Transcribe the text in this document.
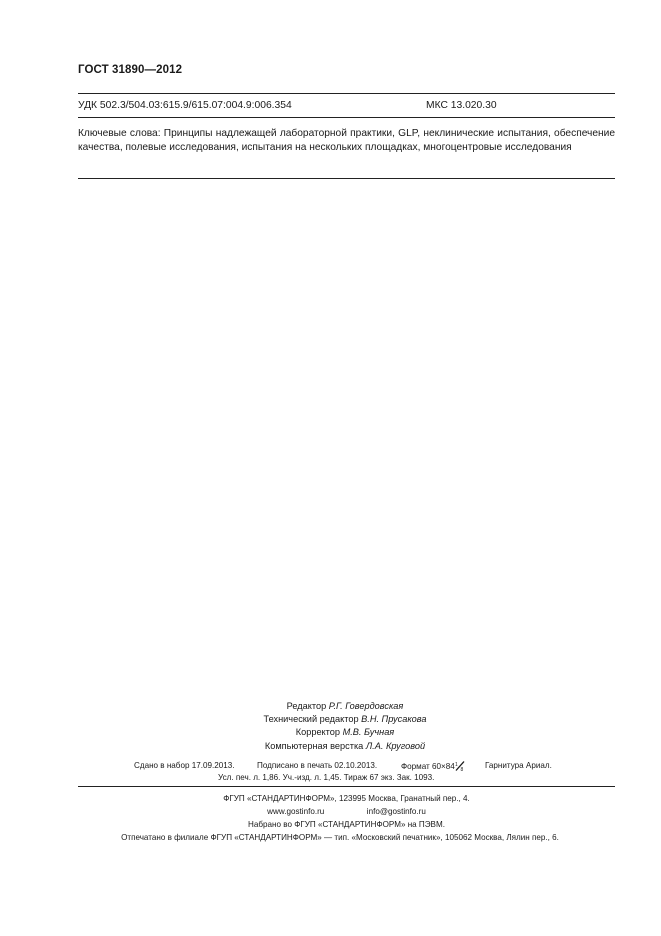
ГОСТ 31890—2012
УДК 502.3/504.03:615.9/615.07:004.9:006.354	МКС 13.020.30
Ключевые слова: Принципы надлежащей лабораторной практики, GLP, неклинические испытания, обеспечение качества, полевые исследования, испытания на нескольких площадках, многоцентровые исследования
Редактор Р.Г. Говердовская
Технический редактор В.Н. Прусакова
Корректор М.В. Бучная
Компьютерная верстка Л.А. Круговой
Сдано в набор 17.09.2013.	Подписано в печать 02.10.2013.	Формат 60×84 1
8	Гарнитура Ариал.
Усл. печ. л. 1,86. Уч.-изд. л. 1,45. Тираж 67 экз. Зак. 1093.
ФГУП «СТАНДАРТИНФОРМ», 123995 Москва, Гранатный пер., 4.
www.gostinfo.ru	info@gostinfo.ru
Набрано во ФГУП «СТАНДАРТИНФОРМ» на ПЭВМ.
Отпечатано в филиале ФГУП «СТАНДАРТИНФОРМ» — тип. «Московский печатник», 105062 Москва, Лялин пер., 6.
